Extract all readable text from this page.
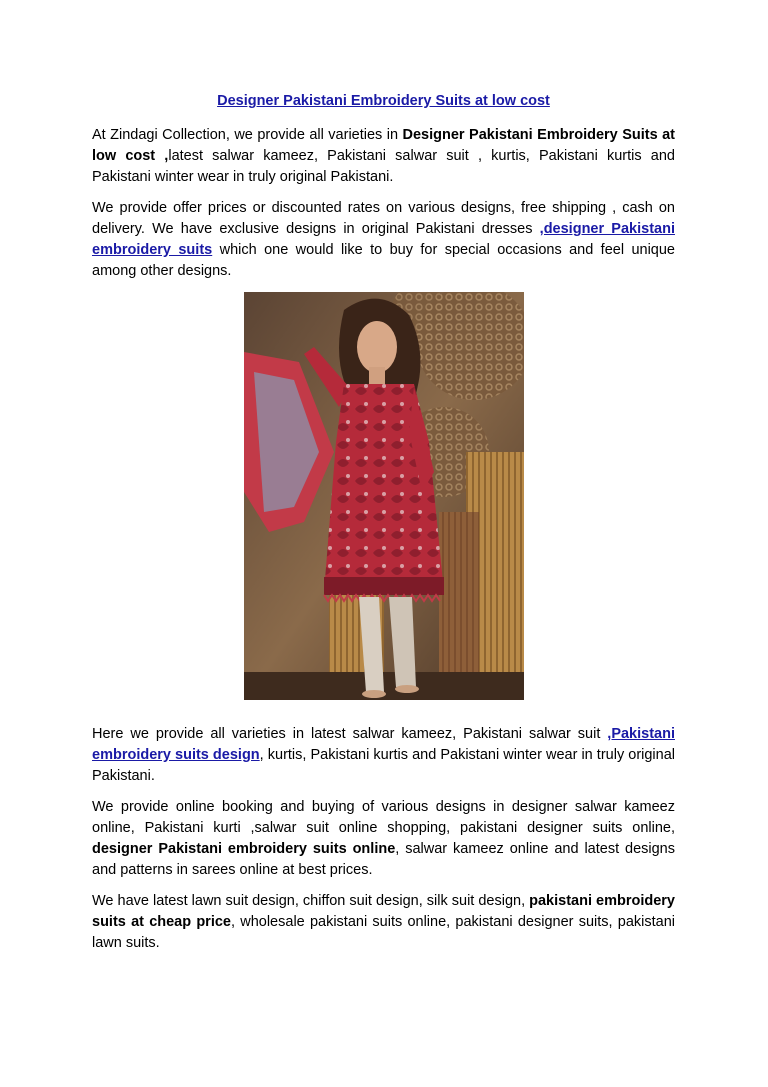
Designer Pakistani Embroidery Suits at low cost

At Zindagi Collection, we provide all varieties in Designer Pakistani Embroidery Suits at low cost ,latest salwar kameez, Pakistani salwar suit , kurtis, Pakistani kurtis and Pakistani winter wear in truly original Pakistani.

We provide offer prices or discounted rates on various designs, free shipping , cash on delivery. We have exclusive designs in original Pakistani dresses ,designer Pakistani embroidery suits which one would like to buy for special occasions and feel unique among other designs.

Here we provide all varieties in latest salwar kameez, Pakistani salwar suit ,Pakistani embroidery suits design, kurtis, Pakistani kurtis and Pakistani winter wear in truly original Pakistani.

We provide online booking and buying of various designs in designer salwar kameez online, Pakistani kurti ,salwar suit online shopping, pakistani designer suits online, designer Pakistani embroidery suits online, salwar kameez online and latest designs and patterns in sarees online at best prices.

We have latest lawn suit design, chiffon suit design, silk suit design, pakistani embroidery suits at cheap price, wholesale pakistani suits online, pakistani designer suits, pakistani lawn suits.
